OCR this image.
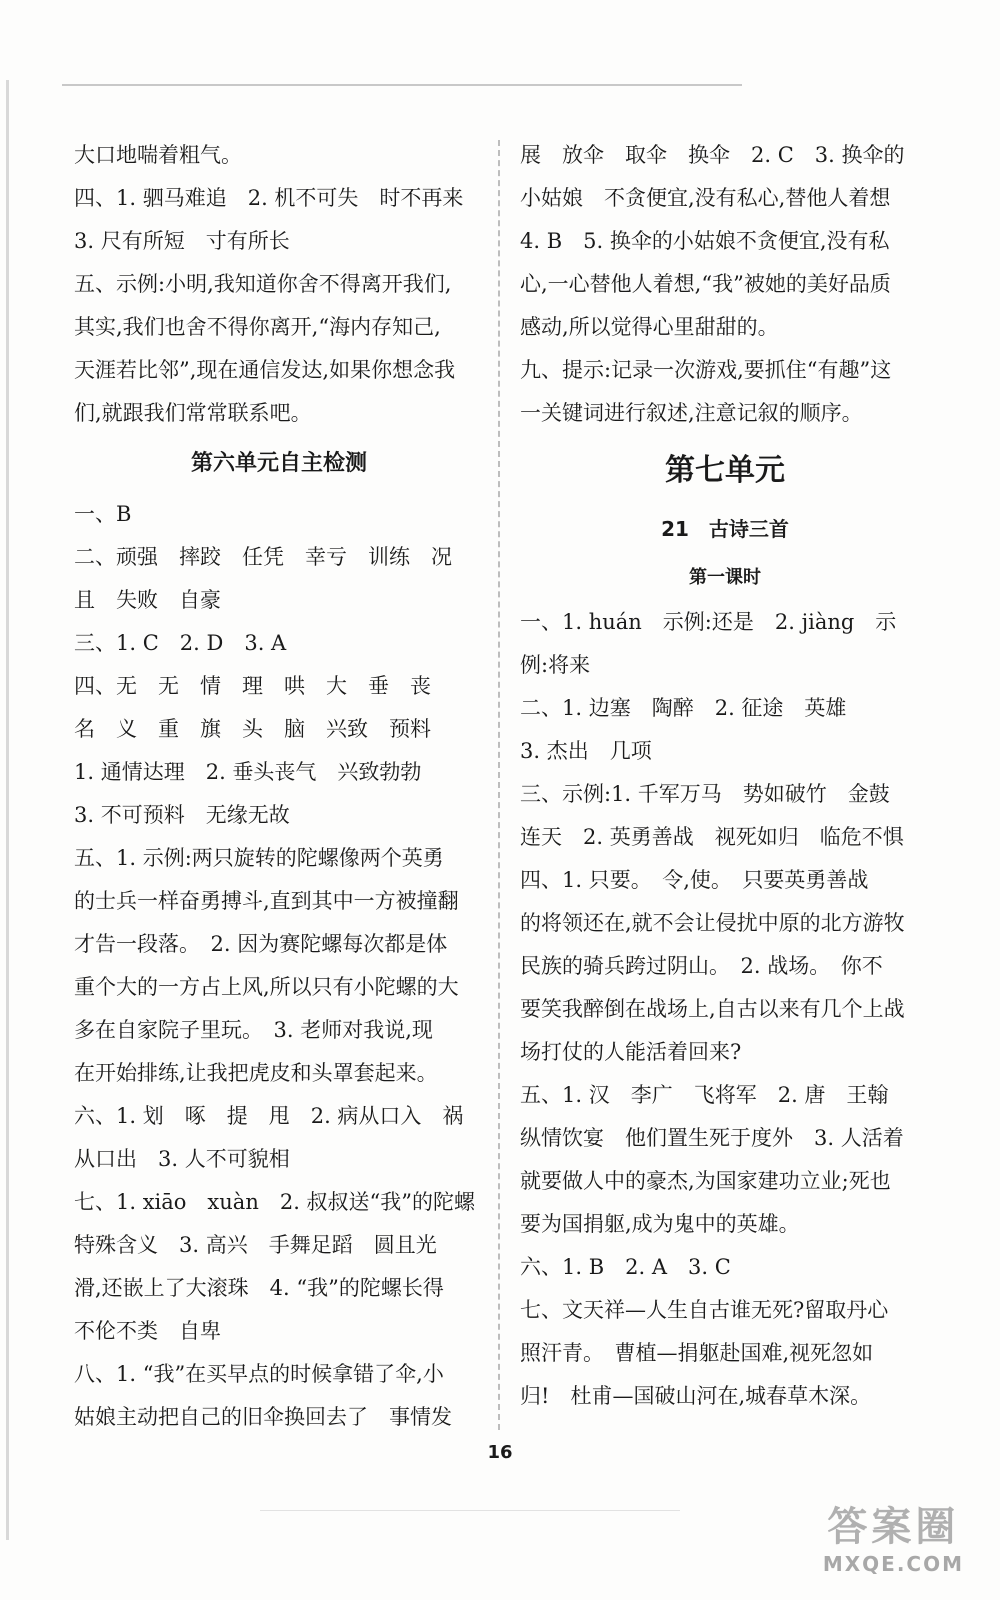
大口地喘着粗气。
四、1. 驷马难追　2. 机不可失　时不再来
3. 尺有所短　寸有所长
五、示例:小明,我知道你舍不得离开我们,
其实,我们也舍不得你离开,“海内存知己,
天涯若比邻”,现在通信发达,如果你想念我
们,就跟我们常常联系吧。
第六单元自主检测
一、B
二、顽强　摔跤　任凭　幸亏　训练　况
且　失败　自豪
三、1. C　2. D　3. A
四、无　无　情　理　哄　大　垂　丧
名　义　重　旗　头　脑　兴致　预料
1. 通情达理　2. 垂头丧气　兴致勃勃
3. 不可预料　无缘无故
五、1. 示例:两只旋转的陀螺像两个英勇
的士兵一样奋勇搏斗,直到其中一方被撞翻
才告一段落。　2. 因为赛陀螺每次都是体
重个大的一方占上风,所以只有小陀螺的大
多在自家院子里玩。　3. 老师对我说,现
在开始排练,让我把虎皮和头罩套起来。
六、1. 划　啄　提　甩　2. 病从口入　祸
从口出　3. 人不可貌相
七、1. xiāo　xuàn　2. 叔叔送“我”的陀螺
特殊含义　3. 高兴　手舞足蹈　圆且光
滑,还嵌上了大滚珠　4. “我”的陀螺长得
不伦不类　自卑
八、1. “我”在买早点的时候拿错了伞,小
姑娘主动把自己的旧伞换回去了　事情发
展　放伞　取伞　换伞　2. C　3. 换伞的
小姑娘　不贪便宜,没有私心,替他人着想
4. B　5. 换伞的小姑娘不贪便宜,没有私
心,一心替他人着想,“我”被她的美好品质
感动,所以觉得心里甜甜的。
九、提示:记录一次游戏,要抓住“有趣”这
一关键词进行叙述,注意记叙的顺序。
第七单元
21　古诗三首
第一课时
一、1. huán　示例:还是　2. jiàng　示
例:将来
二、1. 边塞　陶醉　2. 征途　英雄
3. 杰出　几项
三、示例:1. 千军万马　势如破竹　金鼓
连天　2. 英勇善战　视死如归　临危不惧
四、1. 只要。　令,使。　只要英勇善战
的将领还在,就不会让侵扰中原的北方游牧
民族的骑兵跨过阴山。　2. 战场。　你不
要笑我醉倒在战场上,自古以来有几个上战
场打仗的人能活着回来?
五、1. 汉　李广　飞将军　2. 唐　王翰
纵情饮宴　他们置生死于度外　3. 人活着
就要做人中的豪杰,为国家建功立业;死也
要为国捐躯,成为鬼中的英雄。
六、1. B　2. A　3. C
七、文天祥—人生自古谁无死?留取丹心
照汗青。　曹植—捐躯赴国难,视死忽如
归!　杜甫—国破山河在,城春草木深。
16
答案圈
MXQE.COM
